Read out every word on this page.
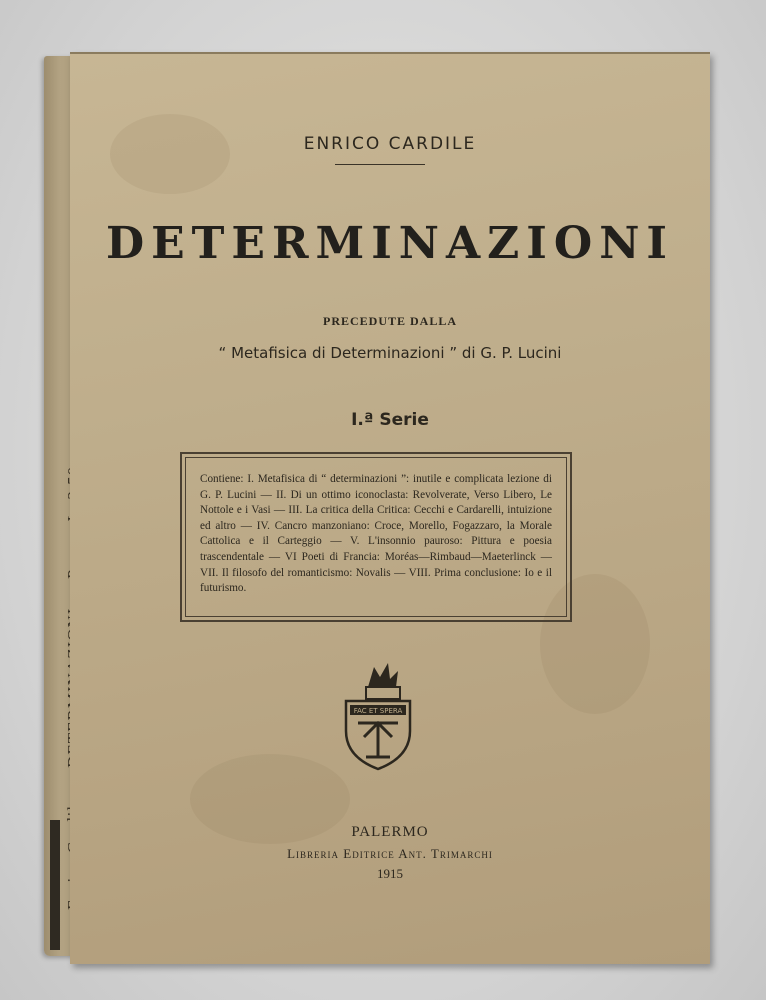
ENRICO CARDILE
DETERMINAZIONI
PRECEDUTE DALLA
“ Metafisica di Determinazioni ” di G. P. Lucini
I.ª Serie
Contiene: I. Metafisica di “ determinazioni ”: inutile e complicata lezione di G. P. Lucini — II. Di un ottimo iconoclasta: Revolverate, Verso Libero, Le Nottole e i Vasi — III. La critica della Critica: Cecchi e Cardarelli, intuizione ed altro — IV. Cancro manzoniano: Croce, Morello, Fogazzaro, la Morale Cattolica e il Carteggio — V. L'insonnio pauroso: Pittura e poesia trascendentale — VI Poeti di Francia: Moréas—Rimbaud—Maeterlinck — VII. Il filosofo del romanticismo: Novalis — VIII. Prima conclusione: Io e il futurismo.
FAC ET SPERA
PALERMO
Libreria Editrice Ant. Trimarchi
1915
